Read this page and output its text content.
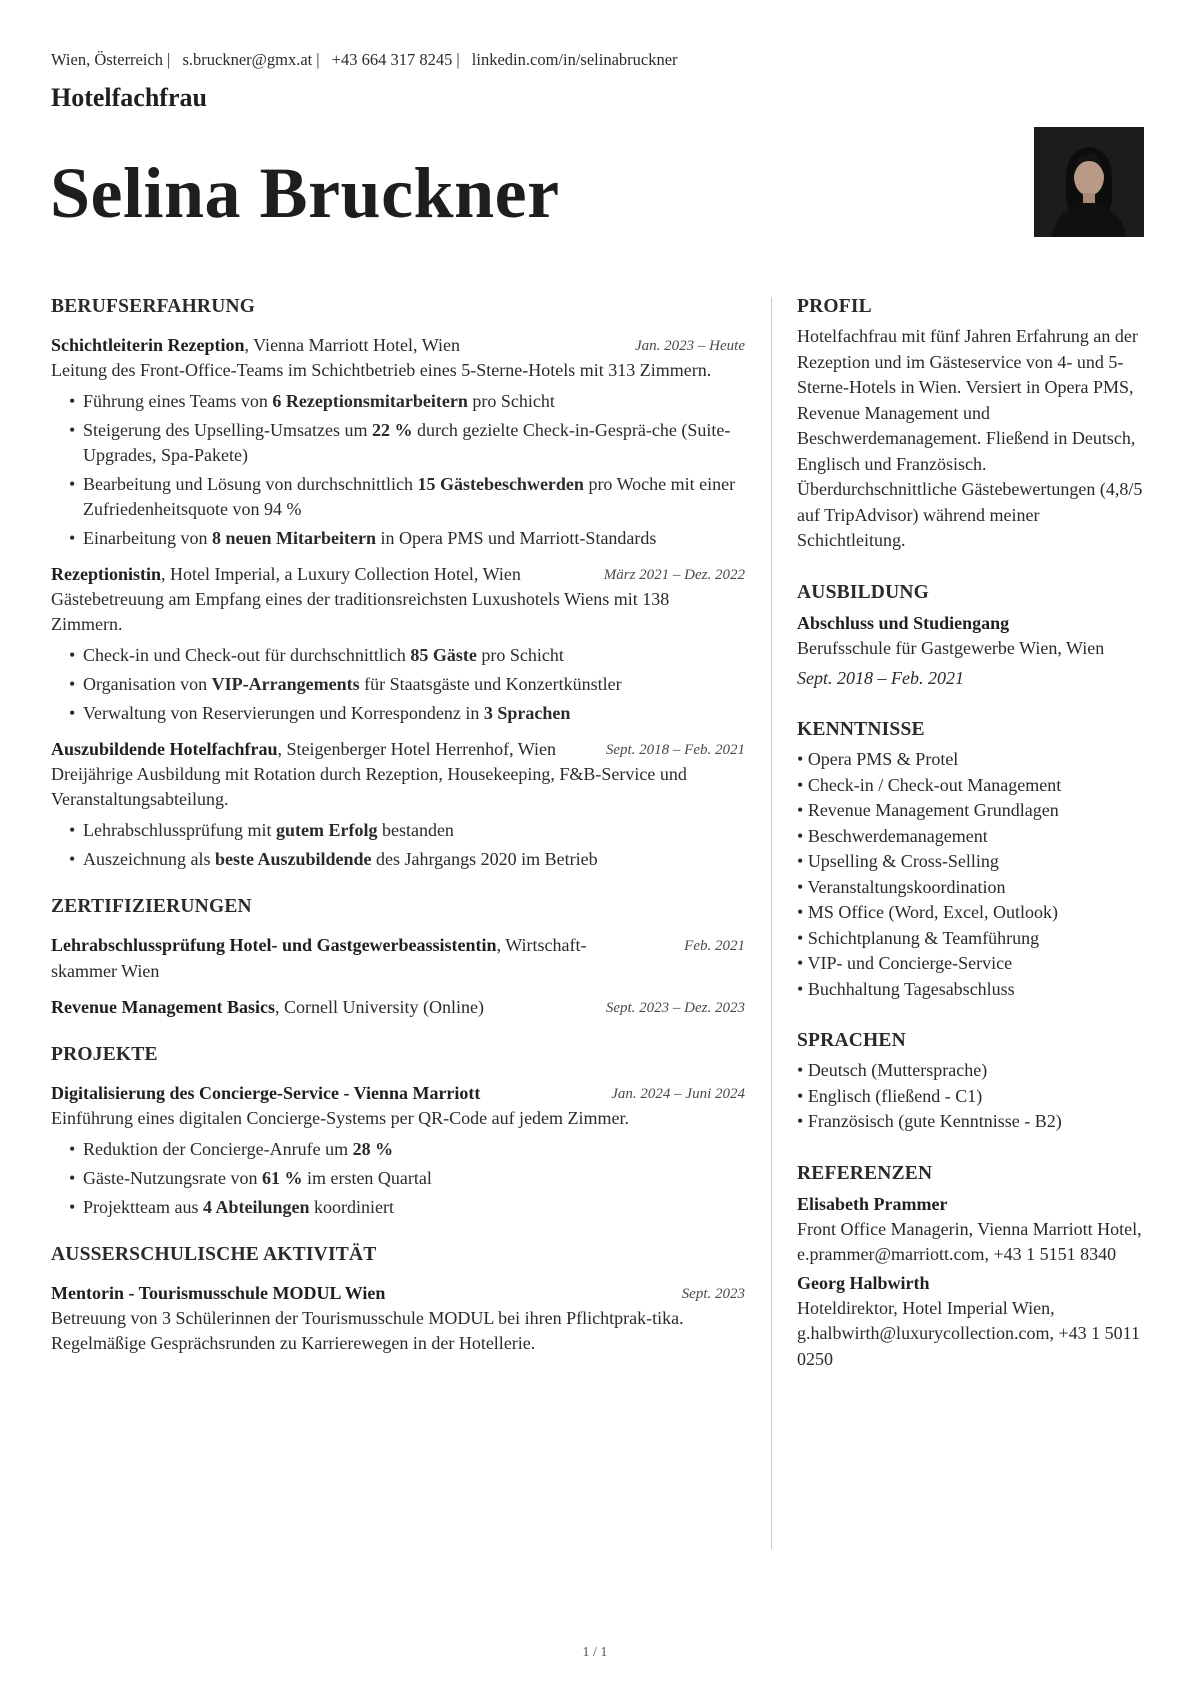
Wien, Österreich | s.bruckner@gmx.at | +43 664 317 8245 | linkedin.com/in/selinabruckner
Hotelfachfrau
Selina Bruckner
BERUFSERFAHRUNG
Schichtleiterin Rezeption, Vienna Marriott Hotel, Wien	Jan. 2023 – Heute
Leitung des Front-Office-Teams im Schichtbetrieb eines 5-Sterne-Hotels mit 313 Zimmern.
• Führung eines Teams von 6 Rezeptionsmitarbeitern pro Schicht
• Steigerung des Upselling-Umsatzes um 22 % durch gezielte Check-in-Gesprä-che (Suite-Upgrades, Spa-Pakete)
• Bearbeitung und Lösung von durchschnittlich 15 Gästebeschwerden pro Woche mit einer Zufriedenheitsquote von 94 %
• Einarbeitung von 8 neuen Mitarbeitern in Opera PMS und Marriott-Standards
Rezeptionistin, Hotel Imperial, a Luxury Collection Hotel, Wien	März 2021 – Dez. 2022
Gästebetreuung am Empfang eines der traditionsreichsten Luxushotels Wiens mit 138 Zimmern.
• Check-in und Check-out für durchschnittlich 85 Gäste pro Schicht
• Organisation von VIP-Arrangements für Staatsgäste und Konzertkünstler
• Verwaltung von Reservierungen und Korrespondenz in 3 Sprachen
Auszubildende Hotelfachfrau, Steigenberger Hotel Herrenhof, Wien	Sept. 2018 – Feb. 2021
Dreijährige Ausbildung mit Rotation durch Rezeption, Housekeeping, F&B-Service und Veranstaltungsabteilung.
• Lehrabschlussprüfung mit gutem Erfolg bestanden
• Auszeichnung als beste Auszubildende des Jahrgangs 2020 im Betrieb
ZERTIFIZIERUNGEN
Lehrabschlussprüfung Hotel- und Gastgewerbeassistentin, Wirtschaft-skammer Wien
Feb. 2021
Revenue Management Basics, Cornell University (Online)	Sept. 2023 – Dez. 2023
PROJEKTE
Digitalisierung des Concierge-Service - Vienna Marriott	Jan. 2024 – Juni 2024
Einführung eines digitalen Concierge-Systems per QR-Code auf jedem Zimmer.
• Reduktion der Concierge-Anrufe um 28 %
• Gäste-Nutzungsrate von 61 % im ersten Quartal
• Projektteam aus 4 Abteilungen koordiniert
AUSSERSCHULISCHE AKTIVITÄT
Mentorin - Tourismusschule MODUL Wien	Sept. 2023
Betreuung von 3 Schülerinnen der Tourismusschule MODUL bei ihren Pflichtprak-tika. Regelmäßige Gesprächsrunden zu Karrierewegen in der Hotellerie.
PROFIL
Hotelfachfrau mit fünf Jahren Erfahrung an der Rezeption und im Gästeservice von 4- und 5-Sterne-Hotels in Wien. Versiert in Opera PMS, Revenue Management und Beschwerdemanagement. Fließend in Deutsch, Englisch und Französisch. Überdurchschnittliche Gästebewertungen (4,8/5 auf TripAdvisor) während meiner Schichtleitung.
AUSBILDUNG
Abschluss und Studiengang
Berufsschule für Gastgewerbe Wien, Wien
Sept. 2018 – Feb. 2021
KENNTNISSE
• Opera PMS & Protel
• Check-in / Check-out Management
• Revenue Management Grundlagen
• Beschwerdemanagement
• Upselling & Cross-Selling
• Veranstaltungskoordination
• MS Office (Word, Excel, Outlook)
• Schichtplanung & Teamführung
• VIP- und Concierge-Service
• Buchhaltung Tagesabschluss
SPRACHEN
• Deutsch (Muttersprache)
• Englisch (fließend - C1)
• Französisch (gute Kenntnisse - B2)
REFERENZEN
Elisabeth Prammer
Front Office Managerin, Vienna Marriott Hotel, e.prammer@marriott.com, +43 1 5151 8340
Georg Halbwirth
Hoteldirektor, Hotel Imperial Wien, g.halbwirth@luxurycollection.com, +43 1 5011 0250
1 / 1
